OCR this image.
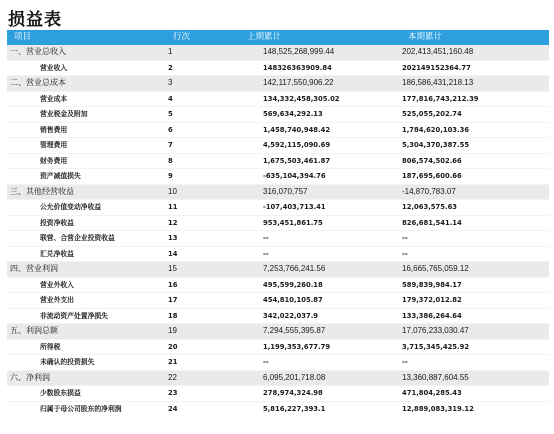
损益表
项目	行次	上期累计	本期累计
一、营业总收入	1	148,525,268,999.44	202,413,451,160.48
营业收入	2	148326363909.84	202149152364.77
二、营业总成本	3	142,117,550,906.22	186,586,431,218.13
营业成本	4	134,332,458,305.02	177,816,743,212.39
营业税金及附加	5	569,634,292.13	525,055,202.74
销售费用	6	1,458,740,948.42	1,784,620,103.36
管理费用	7	4,592,115,090.69	5,304,370,387.55
财务费用	8	1,675,503,461.87	806,574,502.66
资产减值损失	9	-635,104,394.76	187,695,600.66
三、其他经营收益	10	316,070,757	-14,870,783.07
公允价值变动净收益	11	-107,403,713.41	12,063,575.63
投资净收益	12	953,451,861.75	826,681,541.14
联营、合营企业投资收益	13	--	--
汇兑净收益	14	--	--
四、营业利润	15	7,253,766,241.56	16,665,765,059.12
营业外收入	16	495,599,260.18	589,839,984.17
营业外支出	17	454,810,105.87	179,372,012.82
非流动资产处置净损失	18	342,022,037.9	133,386,264.64
五、利润总额	19	7,294,555,395.87	17,076,233,030.47
所得税	20	1,199,353,677.79	3,715,345,425.92
未确认的投资损失	21	--	--
六、净利润	22	6,095,201,718.08	13,360,887,604.55
少数股东损益	23	278,974,324.98	471,804,285.43
归属于母公司股东的净利润	24	5,816,227,393.1	12,889,083,319.12
